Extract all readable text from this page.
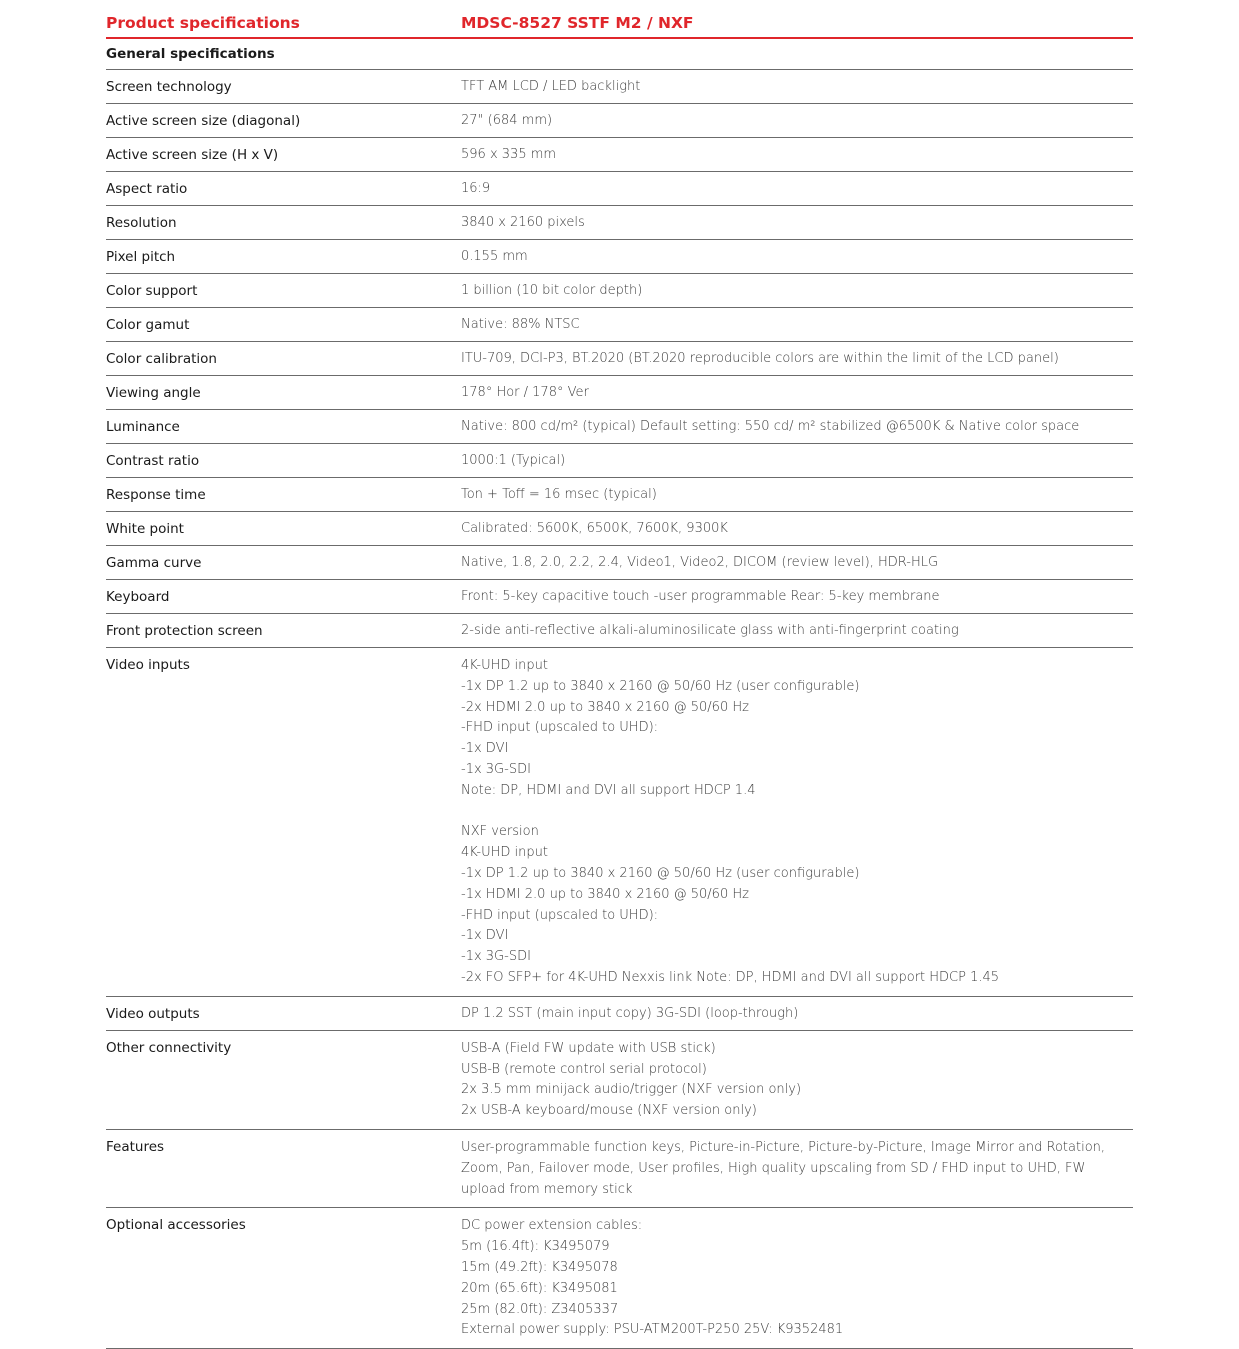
Product specifications	MDSC-8527 SSTF M2 / NXF
General specifications
Screen technology	TFT AM LCD / LED backlight
Active screen size (diagonal)	27" (684 mm)
Active screen size (H x V)	596 x 335 mm
Aspect ratio	16:9
Resolution	3840 x 2160 pixels
Pixel pitch	0.155 mm
Color support	1 billion (10 bit color depth)
Color gamut	Native: 88% NTSC
Color calibration	ITU-709, DCI-P3, BT.2020 (BT.2020 reproducible colors are within the limit of the LCD panel)
Viewing angle	178° Hor / 178° Ver
Luminance	Native: 800 cd/m² (typical) Default setting: 550 cd/ m² stabilized @6500K & Native color space
Contrast ratio	1000:1 (Typical)
Response time	Ton + Toff = 16 msec (typical)
White point	Calibrated: 5600K, 6500K, 7600K, 9300K
Gamma curve	Native, 1.8, 2.0, 2.2, 2.4, Video1, Video2, DICOM (review level), HDR-HLG
Keyboard	Front: 5-key capacitive touch -user programmable Rear: 5-key membrane
Front protection screen	2-side anti-reflective alkali-aluminosilicate glass with anti-fingerprint coating
Video inputs	4K-UHD input
-1x DP 1.2 up to 3840 x 2160 @ 50/60 Hz (user configurable)
-2x HDMI 2.0 up to 3840 x 2160 @ 50/60 Hz
-FHD input (upscaled to UHD):
-1x DVI
-1x 3G-SDI
Note: DP, HDMI and DVI all support HDCP 1.4
NXF version
4K-UHD input
-1x DP 1.2 up to 3840 x 2160 @ 50/60 Hz (user configurable)
-1x HDMI 2.0 up to 3840 x 2160 @ 50/60 Hz
-FHD input (upscaled to UHD):
-1x DVI
-1x 3G-SDI
-2x FO SFP+ for 4K-UHD Nexxis link Note: DP, HDMI and DVI all support HDCP 1.45
Video outputs	DP 1.2 SST (main input copy) 3G-SDI (loop-through)
Other connectivity	USB-A (Field FW update with USB stick)
USB-B (remote control serial protocol)
2x 3.5 mm minijack audio/trigger (NXF version only)
2x USB-A keyboard/mouse (NXF version only)
Features	User-programmable function keys, Picture-in-Picture, Picture-by-Picture, Image Mirror and Rotation,
Zoom, Pan, Failover mode, User profiles, High quality upscaling from SD / FHD input to UHD, FW
upload from memory stick
Optional accessories	DC power extension cables:
5m (16.4ft): K3495079
15m (49.2ft): K3495078
20m (65.6ft): K3495081
25m (82.0ft): Z3405337
External power supply: PSU-ATM200T-P250 25V: K9352481
